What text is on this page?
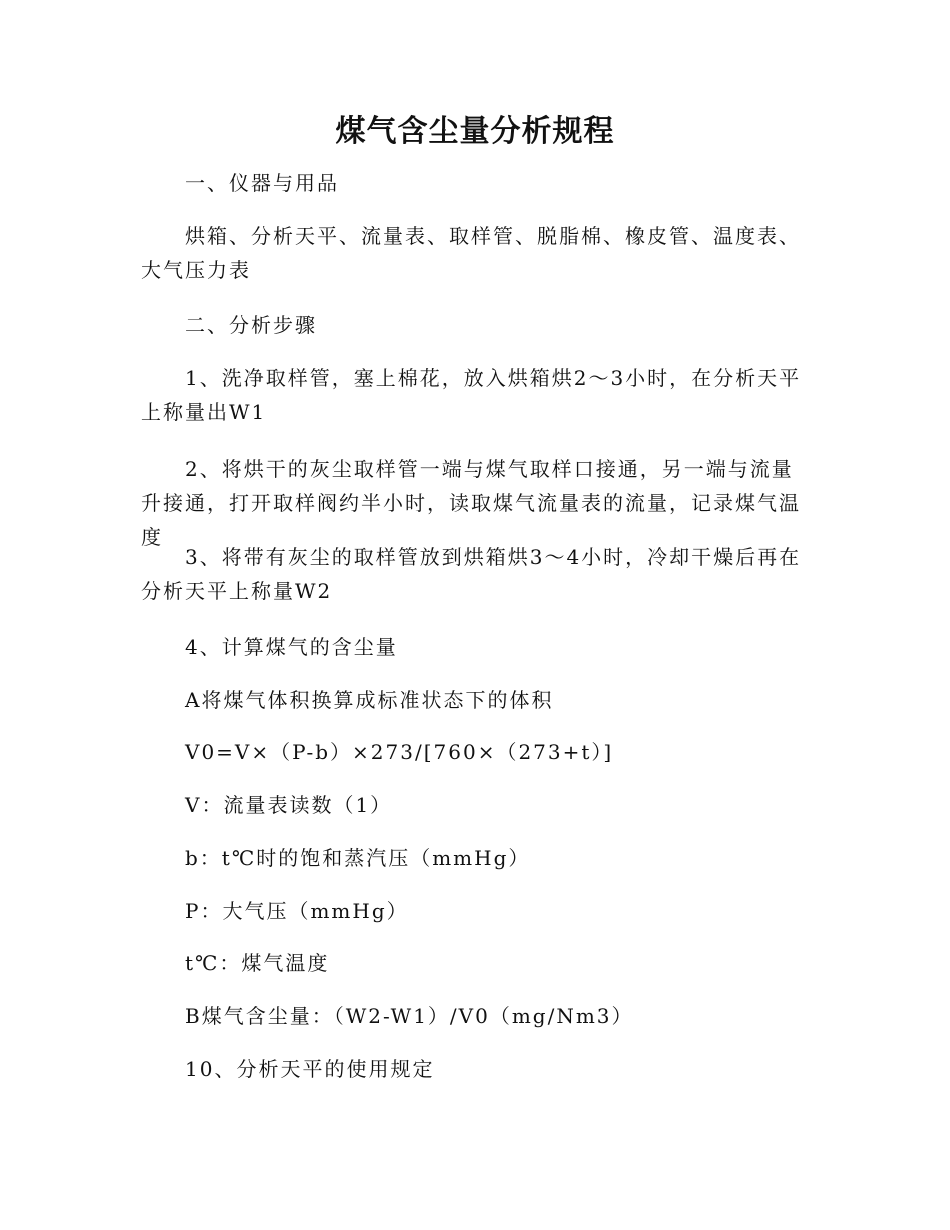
煤气含尘量分析规程

一、仪器与用品

烘箱、分析天平、流量表、取样管、脱脂棉、橡皮管、温度表、大气压力表

二、分析步骤

1、洗净取样管，塞上棉花，放入烘箱烘2～3小时，在分析天平上称量出W1

2、将烘干的灰尘取样管一端与煤气取样口接通，另一端与流量升接通，打开取样阀约半小时，读取煤气流量表的流量，记录煤气温度

3、将带有灰尘的取样管放到烘箱烘3～4小时，冷却干燥后再在分析天平上称量W2

4、计算煤气的含尘量

A将煤气体积换算成标准状态下的体积

V0=V×（P-b）×273/[760×（273+t）]

V：流量表读数（1）

b：t℃时的饱和蒸汽压（mmHg）

P：大气压（mmHg）

t℃：煤气温度

B煤气含尘量：（W2-W1）/V0（mg/Nm3）

10、分析天平的使用规定
